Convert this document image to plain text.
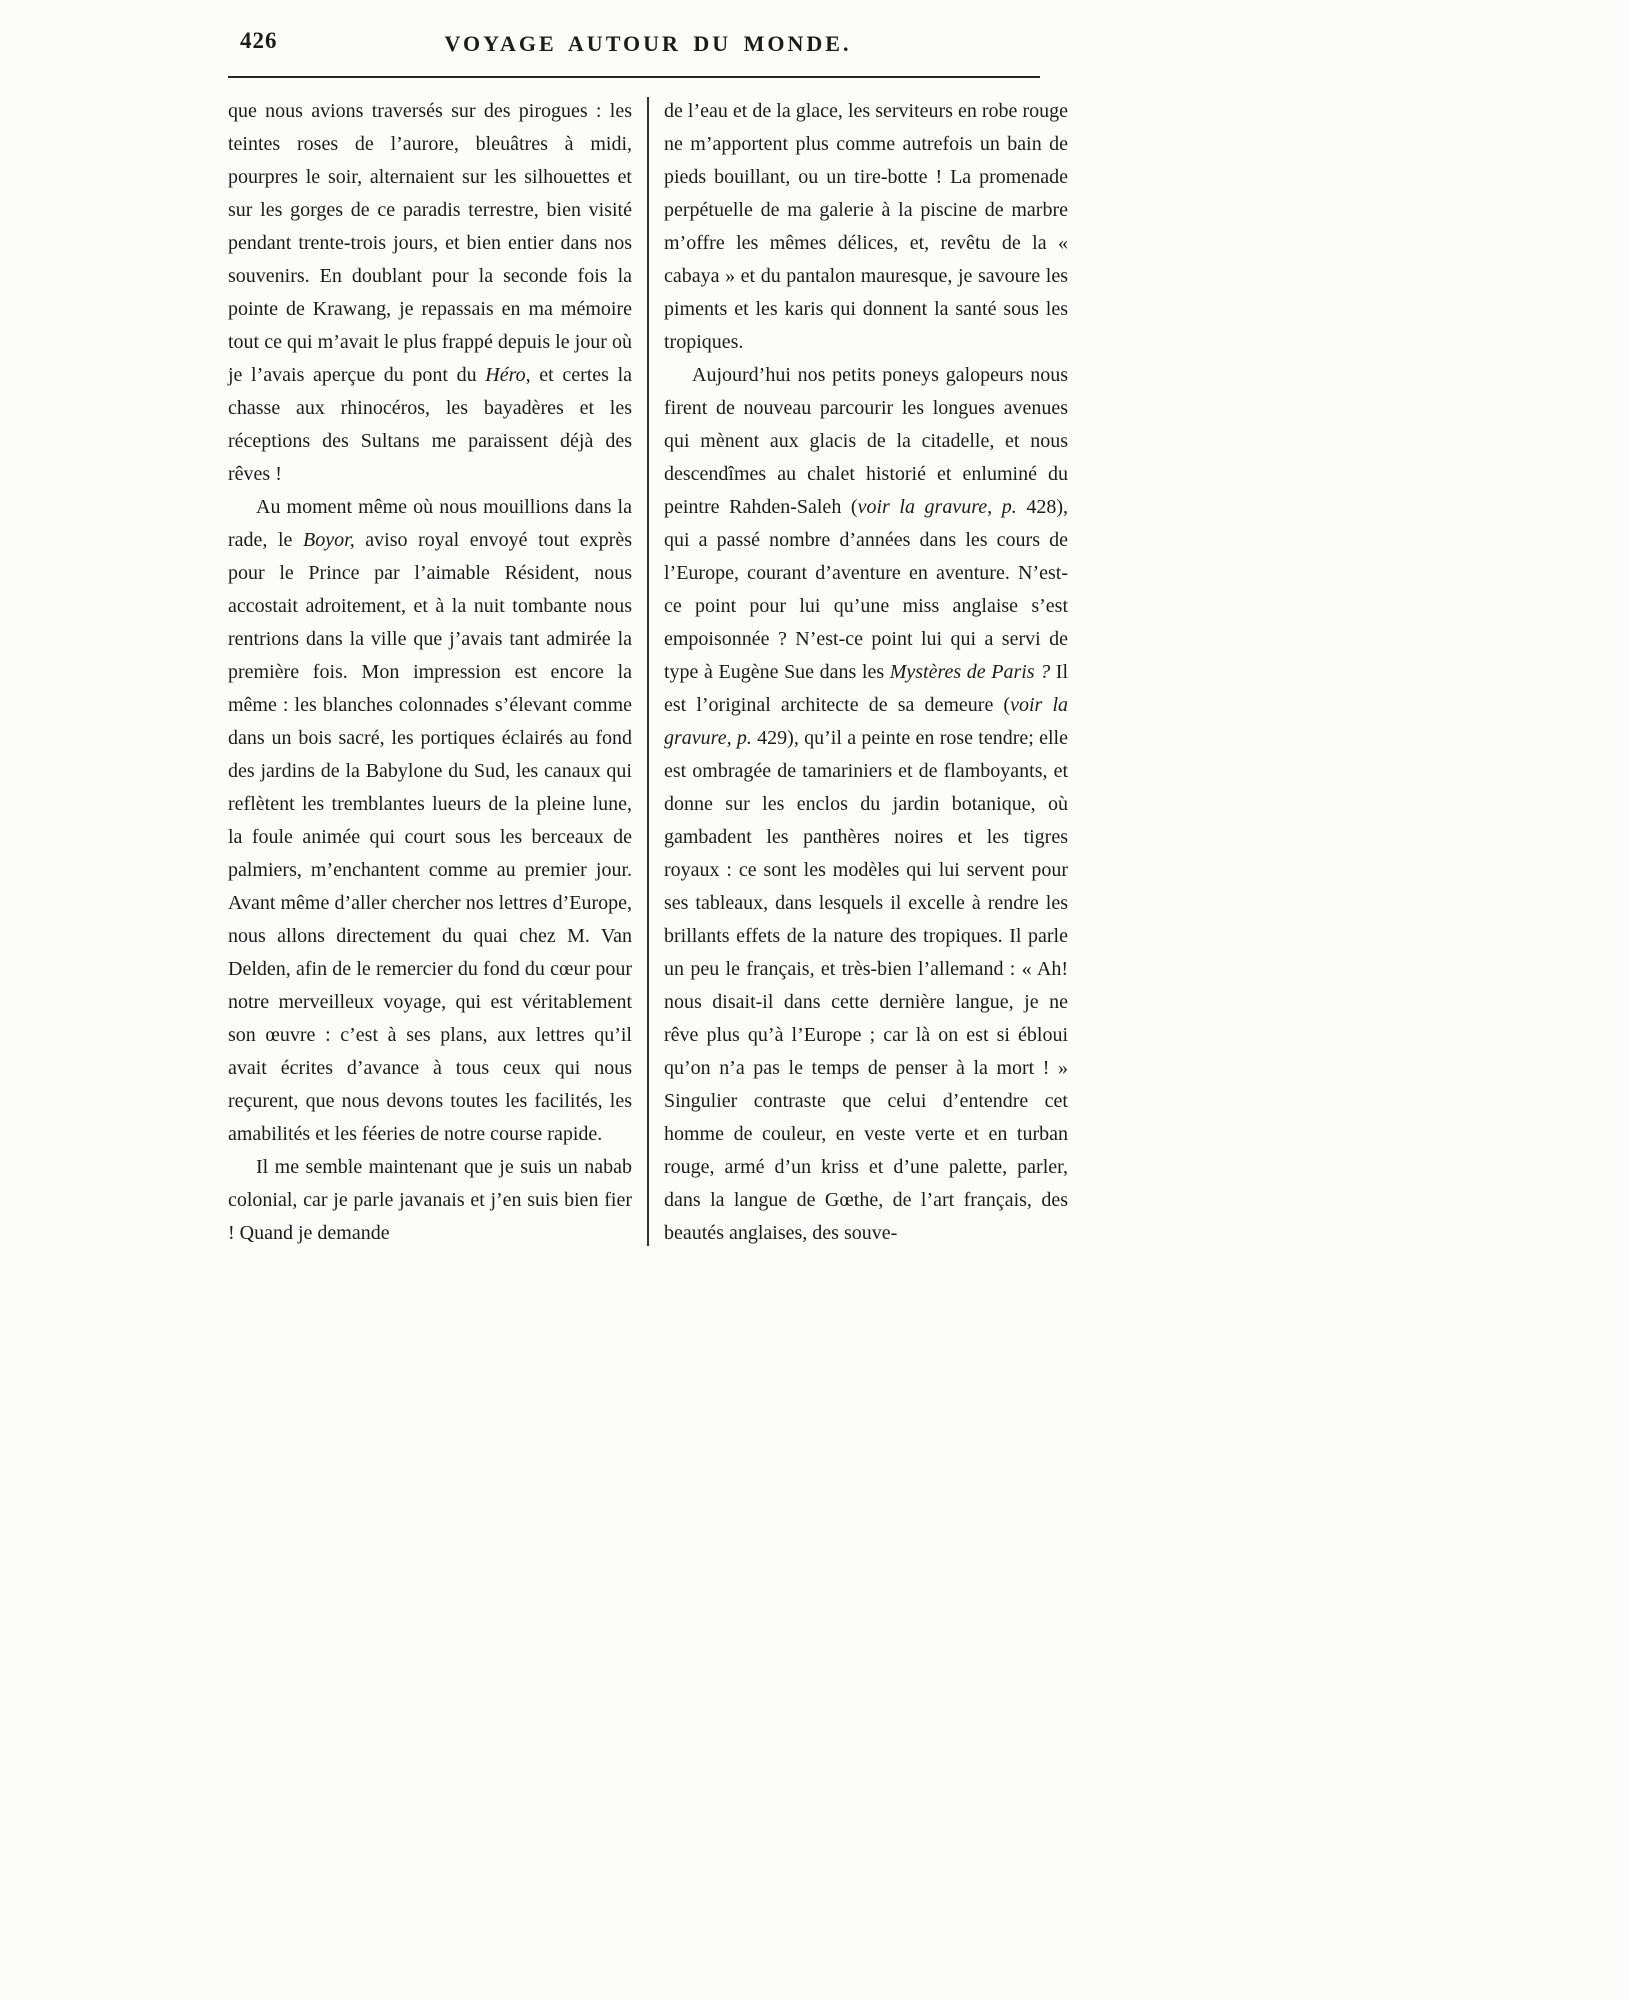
426	VOYAGE AUTOUR DU MONDE.

que nous avions traversés sur des pirogues : les teintes roses de l’aurore, bleuâtres à midi, pourpres le soir, alternaient sur les silhouettes et sur les gorges de ce paradis terrestre, bien visité pendant trente-trois jours, et bien entier dans nos souvenirs. En doublant pour la seconde fois la pointe de Krawang, je repassais en ma mémoire tout ce qui m’avait le plus frappé depuis le jour où je l’avais aperçue du pont du Héro, et certes la chasse aux rhinocéros, les bayadères et les réceptions des Sultans me paraissent déjà des rêves !

Au moment même où nous mouillions dans la rade, le Boyor, aviso royal envoyé tout exprès pour le Prince par l’aimable Résident, nous accostait adroitement, et à la nuit tombante nous rentrions dans la ville que j’avais tant admirée la première fois. Mon impression est encore la même : les blanches colonnades s’élevant comme dans un bois sacré, les portiques éclairés au fond des jardins de la Babylone du Sud, les canaux qui reflètent les tremblantes lueurs de la pleine lune, la foule animée qui court sous les berceaux de palmiers, m’enchantent comme au premier jour. Avant même d’aller chercher nos lettres d’Europe, nous allons directement du quai chez M. Van Delden, afin de le remercier du fond du cœur pour notre merveilleux voyage, qui est véritablement son œuvre : c’est à ses plans, aux lettres qu’il avait écrites d’avance à tous ceux qui nous reçurent, que nous devons toutes les facilités, les amabilités et les féeries de notre course rapide.

Il me semble maintenant que je suis un nabab colonial, car je parle javanais et j’en suis bien fier ! Quand je demande

de l’eau et de la glace, les serviteurs en robe rouge ne m’apportent plus comme autrefois un bain de pieds bouillant, ou un tire-botte ! La promenade perpétuelle de ma galerie à la piscine de marbre m’offre les mêmes délices, et, revêtu de la « cabaya » et du pantalon mauresque, je savoure les piments et les karis qui donnent la santé sous les tropiques.

Aujourd’hui nos petits poneys galopeurs nous firent de nouveau parcourir les longues avenues qui mènent aux glacis de la citadelle, et nous descendîmes au chalet historié et enluminé du peintre Rahden-Saleh (voir la gravure, p. 428), qui a passé nombre d’années dans les cours de l’Europe, courant d’aventure en aventure. N’est-ce point pour lui qu’une miss anglaise s’est empoisonnée ? N’est-ce point lui qui a servi de type à Eugène Sue dans les Mystères de Paris ? Il est l’original architecte de sa demeure (voir la gravure, p. 429), qu’il a peinte en rose tendre; elle est ombragée de tamariniers et de flamboyants, et donne sur les enclos du jardin botanique, où gambadent les panthères noires et les tigres royaux : ce sont les modèles qui lui servent pour ses tableaux, dans lesquels il excelle à rendre les brillants effets de la nature des tropiques. Il parle un peu le français, et très-bien l’allemand : « Ah! nous disait-il dans cette dernière langue, je ne rêve plus qu’à l’Europe ; car là on est si ébloui qu’on n’a pas le temps de penser à la mort ! » Singulier contraste que celui d’entendre cet homme de couleur, en veste verte et en turban rouge, armé d’un kriss et d’une palette, parler, dans la langue de Gœthe, de l’art français, des beautés anglaises, des souve-
